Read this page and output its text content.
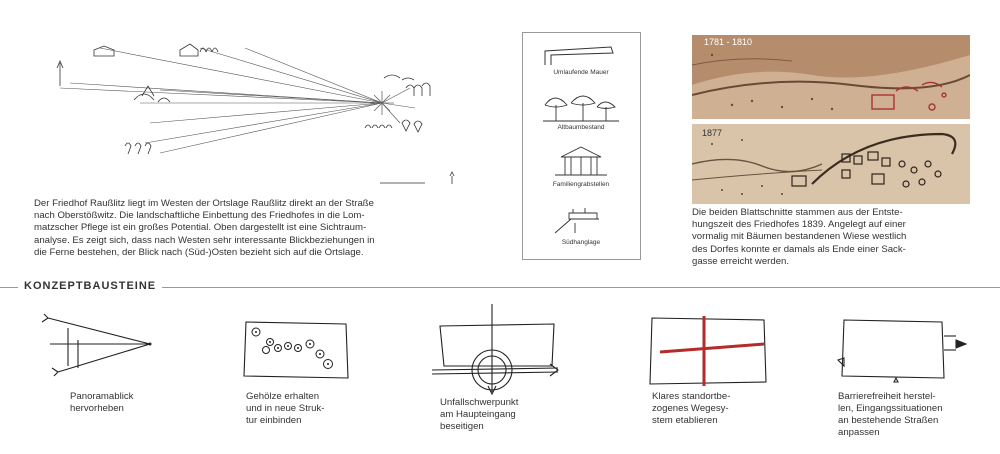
Der Friedhof Raußlitz liegt im Westen der Ortslage Raußlitz direkt an der Straße
nach Oberstößwitz. Die landschaftliche Einbettung des Friedhofes in die Lom-
matzscher Pflege ist ein großes Potential. Oben dargestellt ist eine Sichtraum-
analyse. Es zeigt sich, dass nach Westen sehr interessante Blickbeziehungen in
die Ferne bestehen, der Blick nach (Süd-)Osten bezieht sich auf die Ortslage.
Umlaufende Mauer
Altbaumbestand
Familiengrabstellen
Südhanglage
1781 - 1810
1877
Die beiden Blattschnitte stammen aus der Entste-
hungszeit des Friedhofes 1839. Angelegt auf einer
vormalig mit Bäumen bestandenen Wiese westlich
des Dorfes konnte er damals als Ende einer Sack-
gasse erreicht werden.
KONZEPTBAUSTEINE
Panoramablick
hervorheben
Gehölze erhalten
und in neue Struk-
tur einbinden
Unfallschwerpunkt
am Haupteingang
beseitigen
Klares standortbe-
zogenes Wegesy-
stem etablieren
Barrierefreiheit herstel-
len, Eingangssituationen
an bestehende Straßen
anpassen
